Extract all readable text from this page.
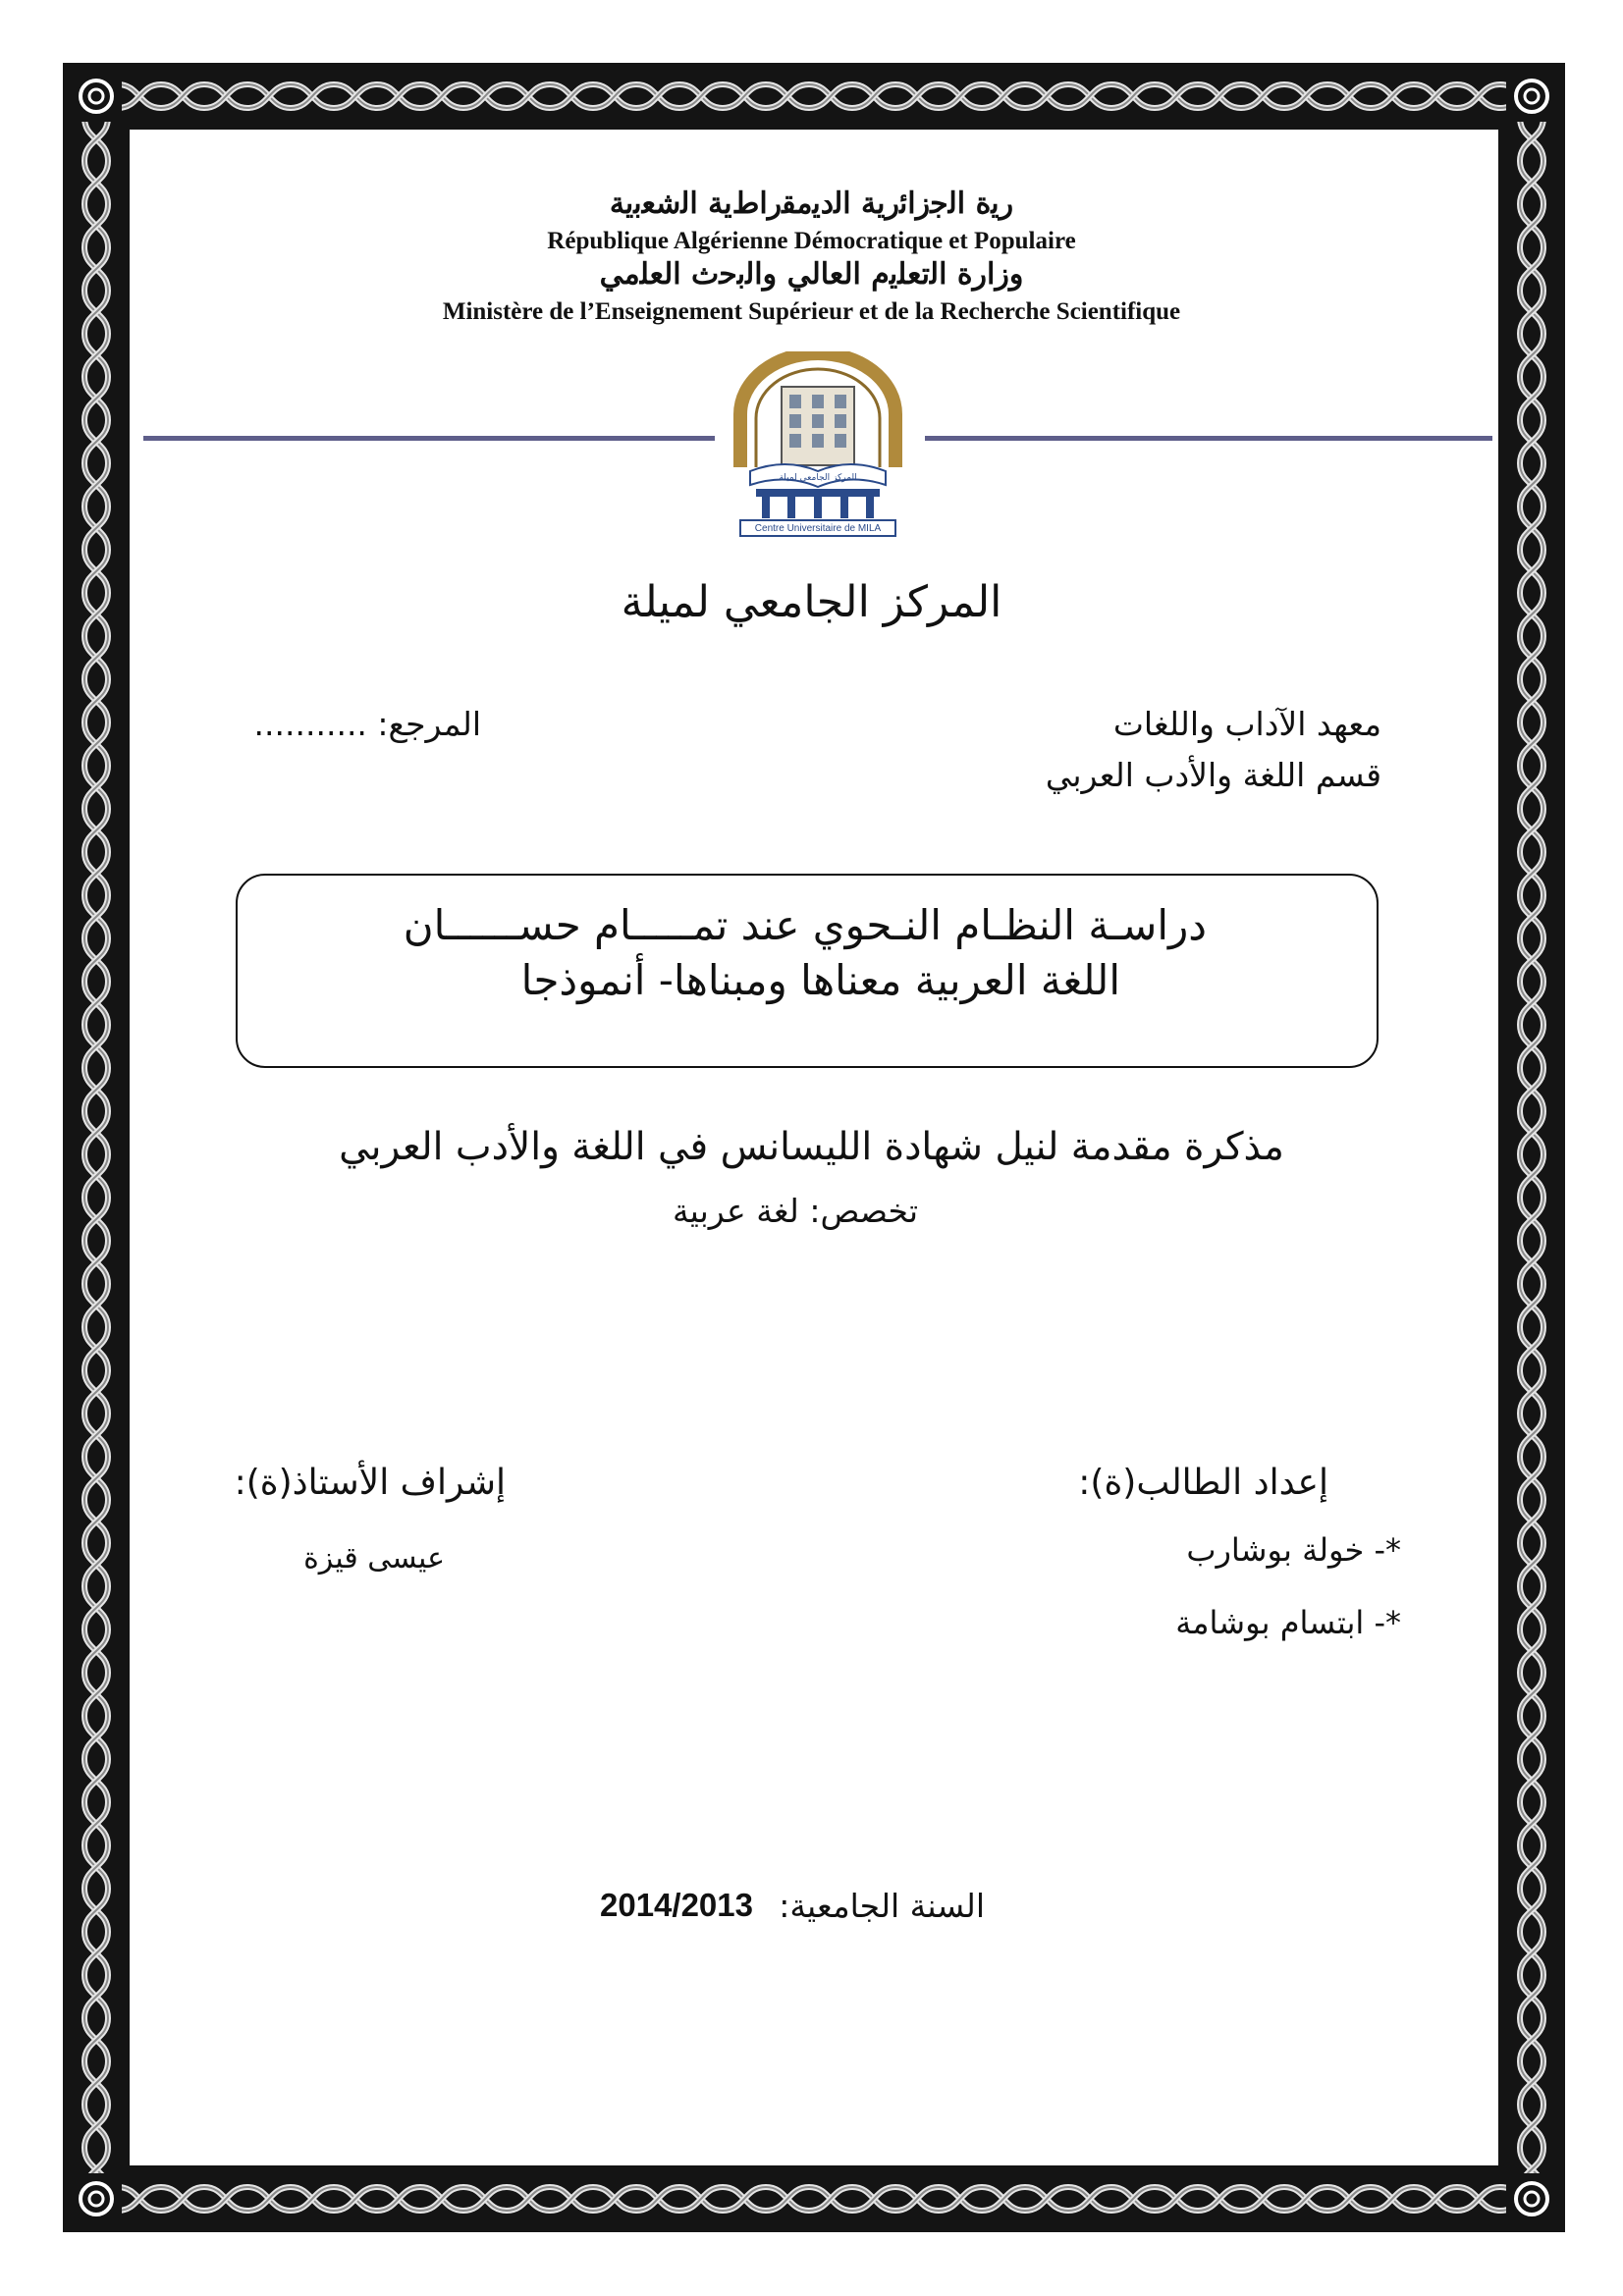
ﺭﻳﺓ ﺍﻟﺟﺯﺍﺋﺭﻳﺔ ﺍﻟﺩﻳﻣﻘﺭﺍﻁﻳﺔ ﺍﻟﺷﻌﺑﻳﺔ
République Algérienne Démocratique et Populaire
ﻭﺯﺍﺭﺓ ﺍﻟﺗﻌﻠﻳﻡ ﺍﻟﻌﺎﻟﻲ ﻭﺍﻟﺑﺣﺙ ﺍﻟﻌﻠﻣﻲ
Ministère de l’Enseignement Supérieur et de la Recherche Scientifique
المركز الجامعي لميلة
Centre Universitaire de MILA
المركز الجامعي لميلة
معهد الآداب واللغات
قسم اللغة والأدب العربي
المرجع: ...........
دراسـة النظـام النـحوي عند تمـــــام حســــــان
اللغة العربية معناها ومبناها- أنموذجا
مذكرة مقدمة لنيل شهادة الليسانس في اللغة والأدب العربي
تخصص: لغة عربية
إعداد الطالب(ة):
إشراف الأستاذ(ة):
*- خولة بوشارب
*- ابتسام بوشامة
عيسى قيزة
السنة الجامعية:
2014/2013
